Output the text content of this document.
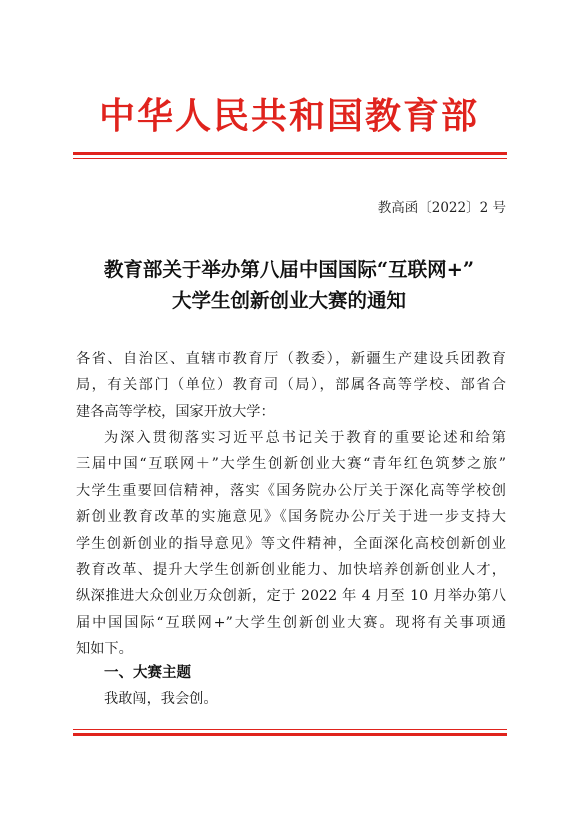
中华人民共和国教育部
教高函〔2022〕2 号
教育部关于举办第八届中国国际“互联网+”
大学生创新创业大赛的通知
各省、自治区、直辖市教育厅（教委），新疆生产建设兵团教育
局，有关部门（单位）教育司（局），部属各高等学校、部省合
建各高等学校，国家开放大学：
为深入贯彻落实习近平总书记关于教育的重要论述和给第
三届中国“互联网＋”大学生创新创业大赛“青年红色筑梦之旅”
大学生重要回信精神，落实《国务院办公厅关于深化高等学校创
新创业教育改革的实施意见》《国务院办公厅关于进一步支持大
学生创新创业的指导意见》等文件精神，全面深化高校创新创业
教育改革、提升大学生创新创业能力、加快培养创新创业人才，
纵深推进大众创业万众创新，定于 2022 年 4 月至 10 月举办第八
届中国国际“互联网+”大学生创新创业大赛。现将有关事项通
知如下。
一、大赛主题
我敢闯，我会创。
